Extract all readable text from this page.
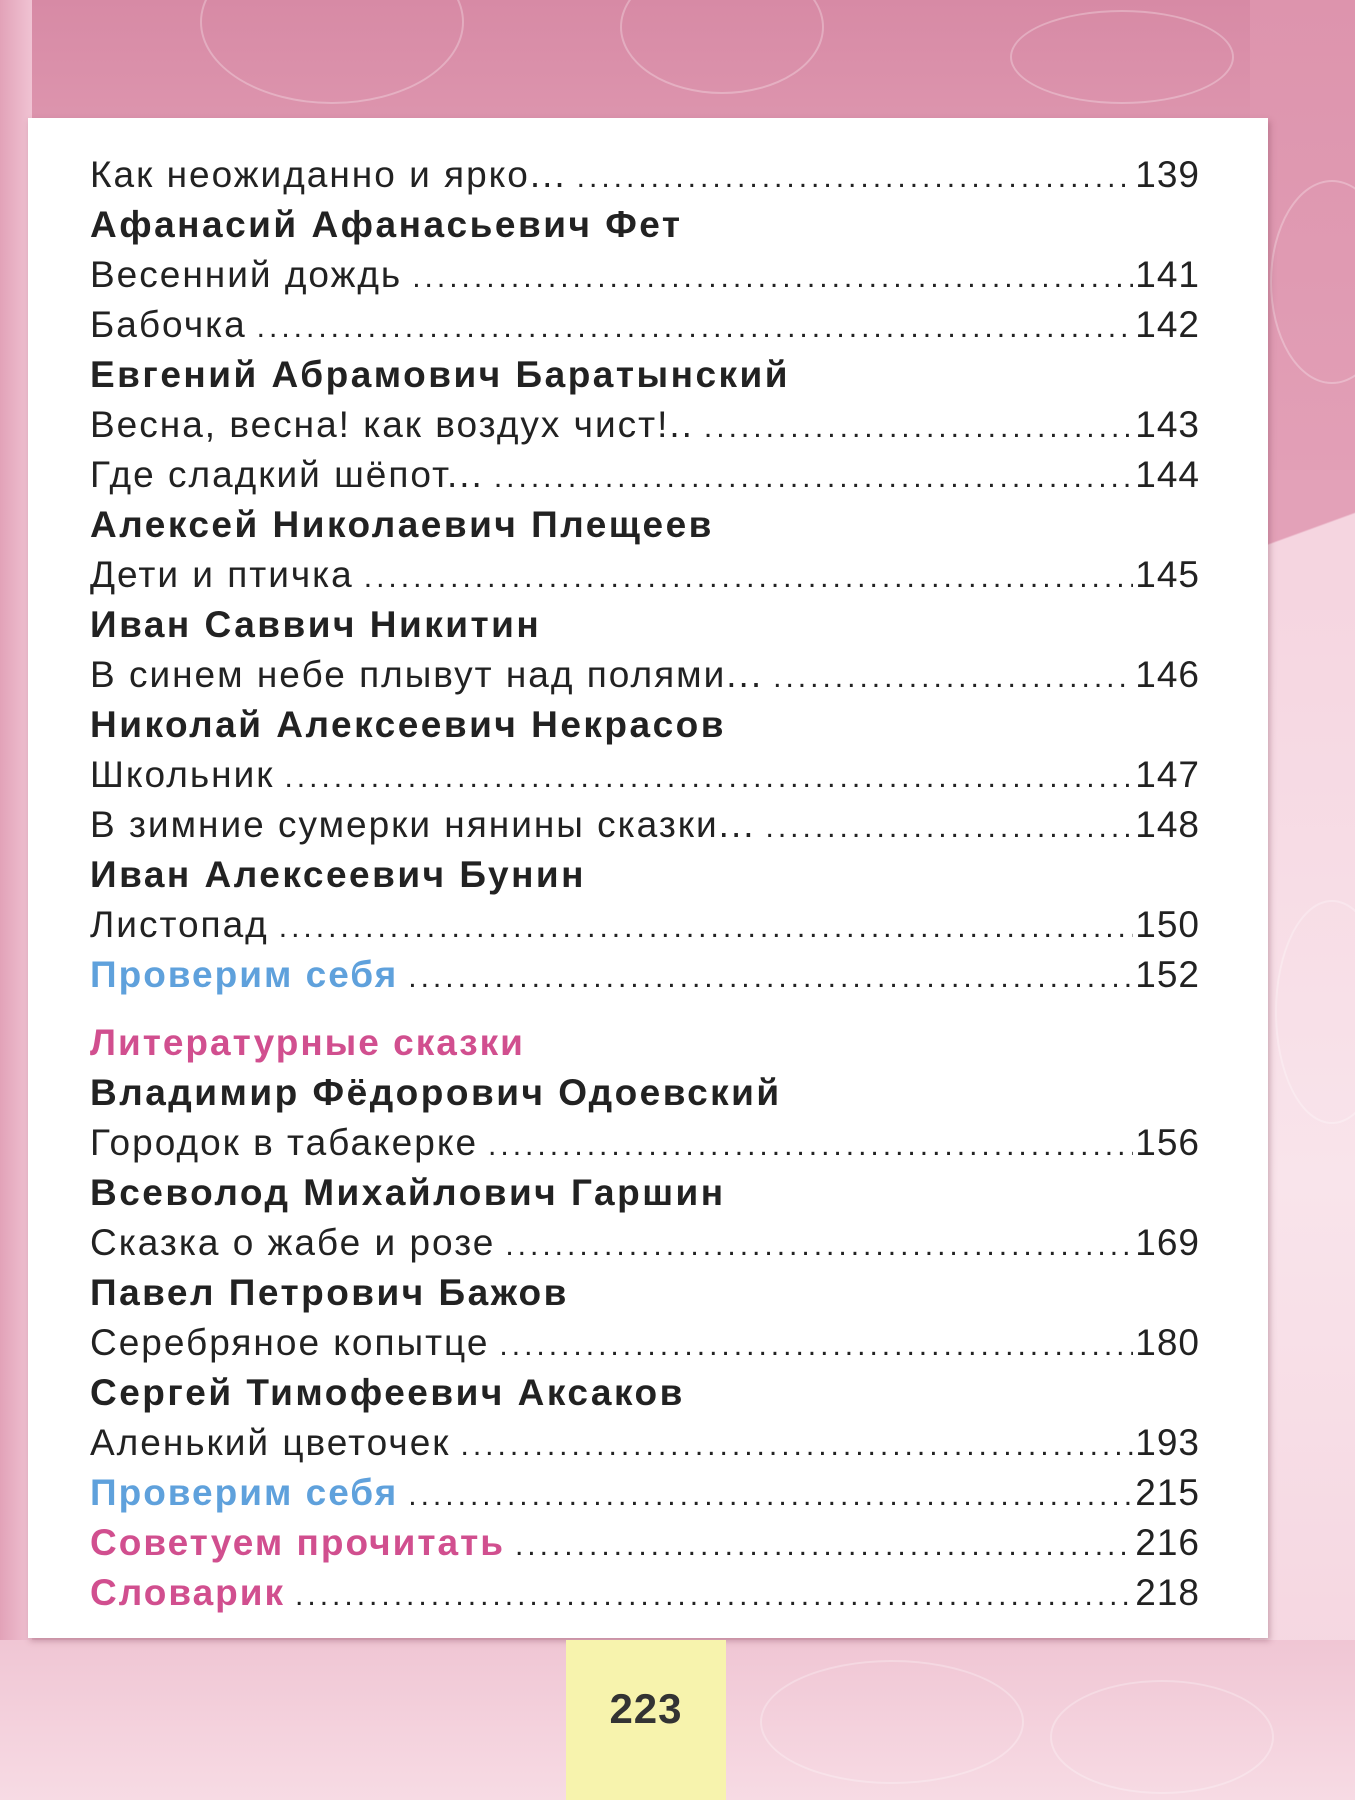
Как неожиданно и ярко... .....	139
Афанасий Афанасьевич Фет
Весенний дождь .....	141
Бабочка .....	142
Евгений Абрамович Баратынский
Весна, весна! как воздух чист!.. .....	143
Где сладкий шёпот... .....	144
Алексей Николаевич Плещеев
Дети и птичка .....	145
Иван Саввич Никитин
В синем небе плывут над полями... .....	146
Николай Алексеевич Некрасов
Школьник .....	147
В зимние сумерки нянины сказки... .....	148
Иван Алексеевич Бунин
Листопад .....	150
Проверим себя .....	152
Литературные сказки
Владимир Фёдорович Одоевский
Городок в табакерке .....	156
Всеволод Михайлович Гаршин
Сказка о жабе и розе .....	169
Павел Петрович Бажов
Серебряное копытце .....	180
Сергей Тимофеевич Аксаков
Аленький цветочек .....	193
Проверим себя .....	215
Советуем прочитать .....	216
Словарик .....	218
223
